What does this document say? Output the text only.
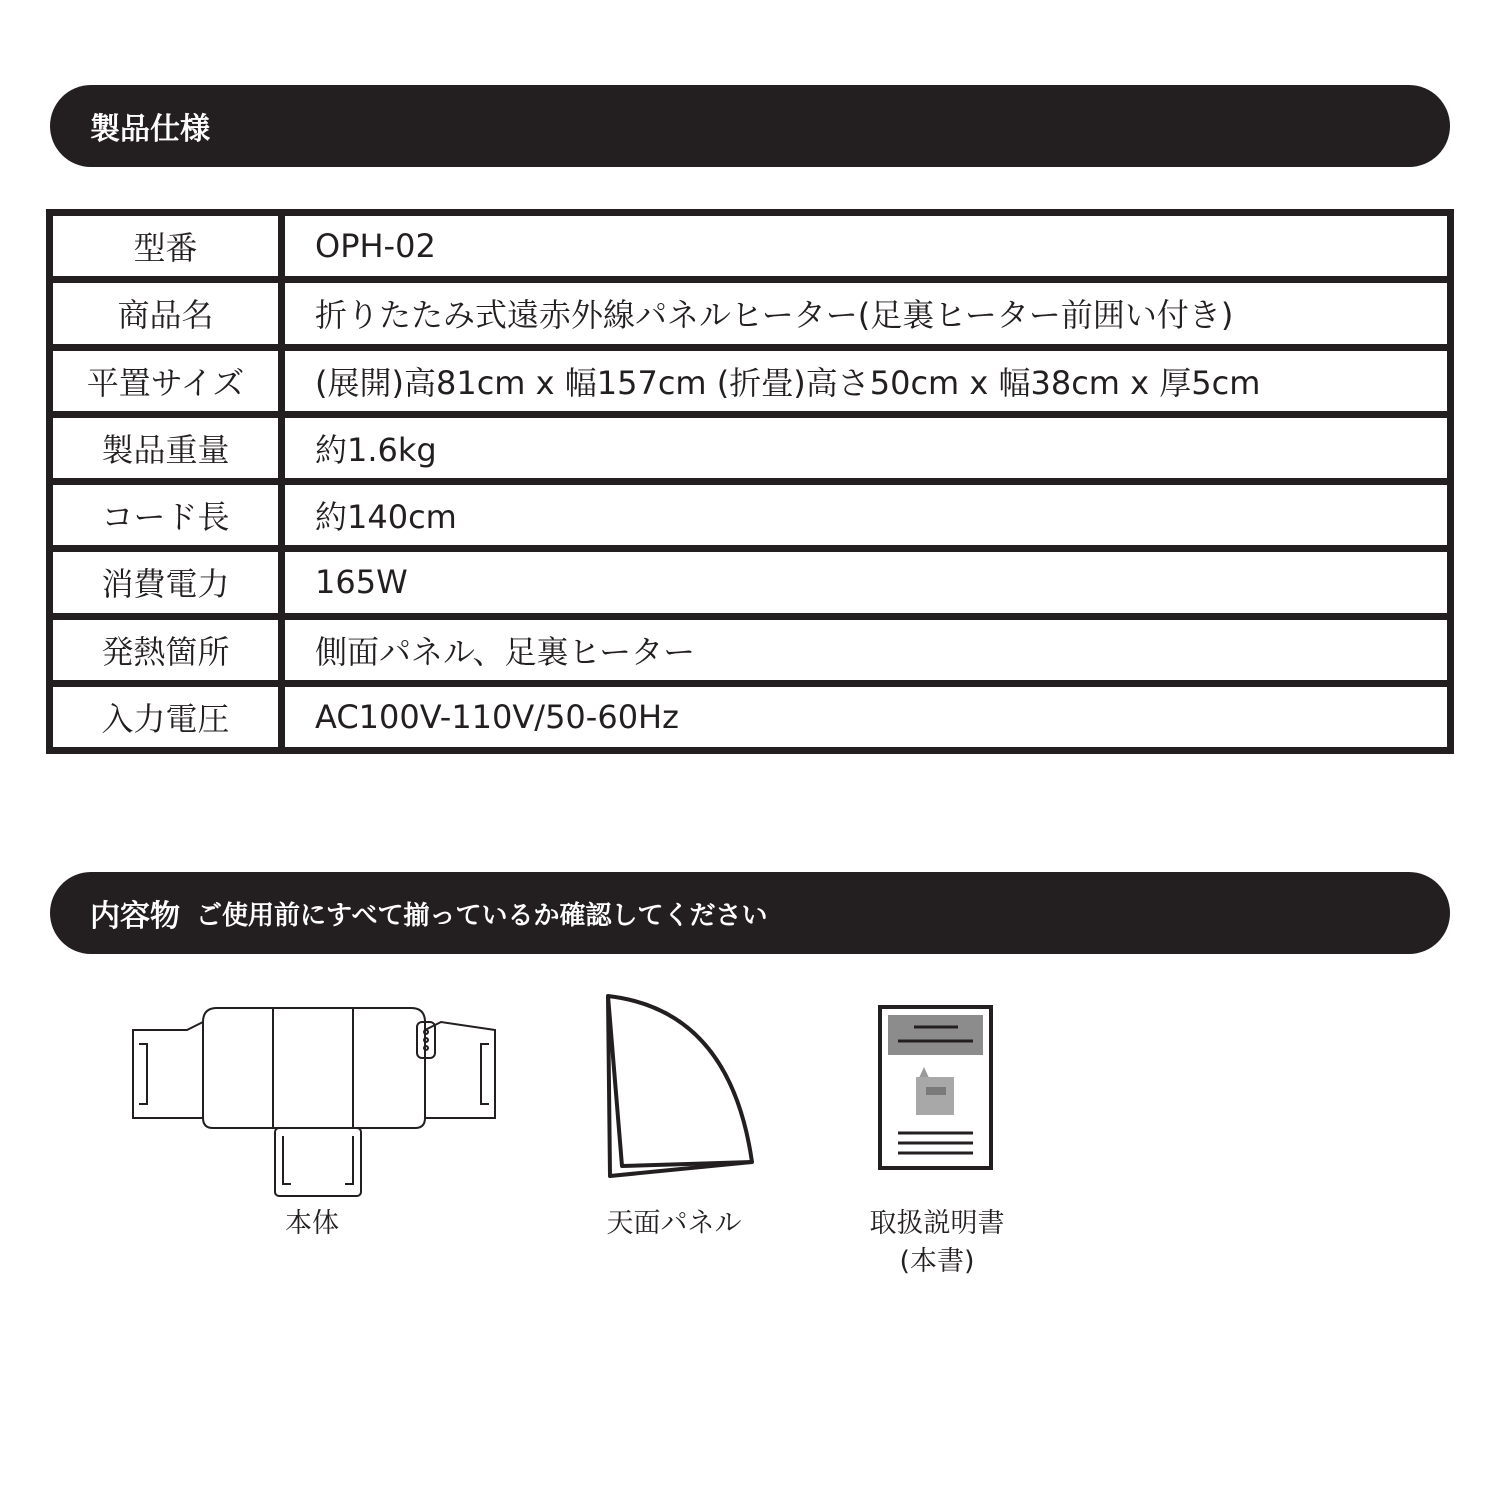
製品仕様
型番	OPH-02
商品名	折りたたみ式遠赤外線パネルヒーター(足裏ヒーター前囲い付き)
平置サイズ	(展開)高81cm x 幅157cm (折畳)高さ50cm x 幅38cm x 厚5cm
製品重量	約1.6kg
コード長	約140cm
消費電力	165W
発熱箇所	側面パネル、足裏ヒーター
入力電圧	AC100V-110V/50-60Hz
内容物 ご使用前にすべて揃っているか確認してください
本体	天面パネル	取扱説明書
(本書)
